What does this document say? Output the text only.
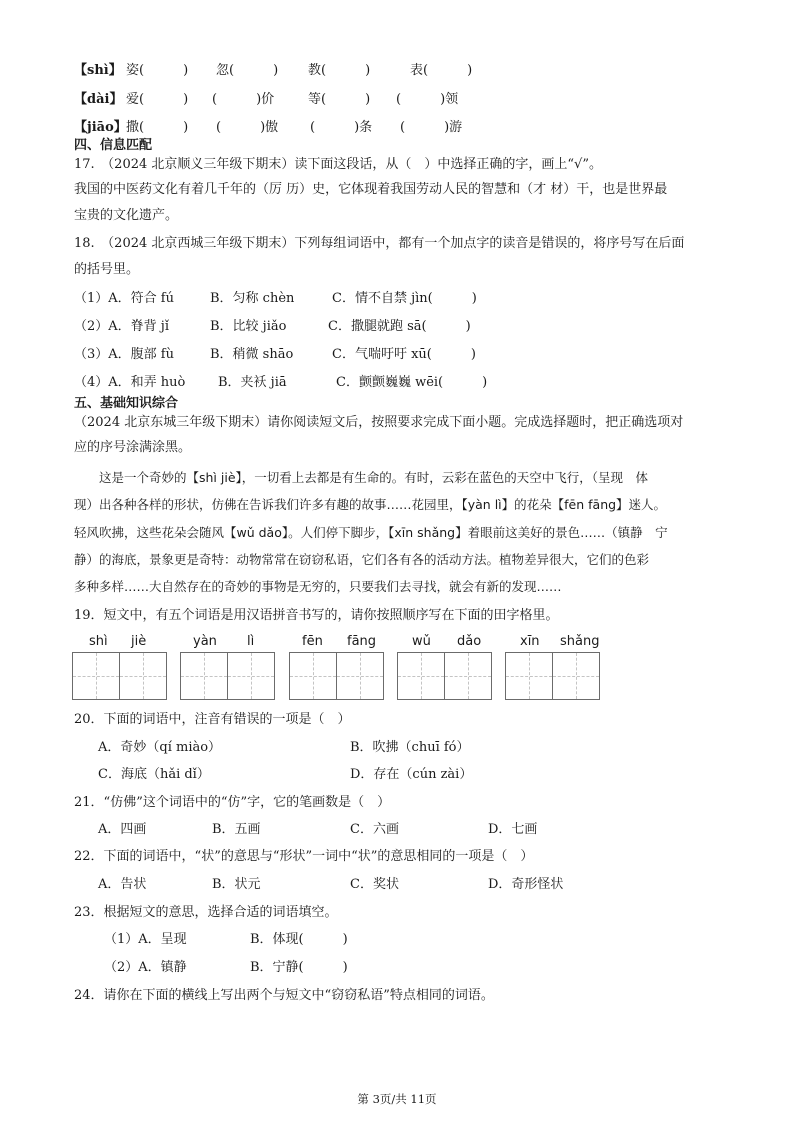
【shì】 姿(　　　) 忽(　　　) 教(　　　)	表(　　　)
【dài】 爱(　　　) (　　　)价	等(　　　) (　　　)领
【jiāo】 撒(　　　) (　　　)傲 (　　　)条 (　　　)游
四、信息匹配
17.　（2024 北京顺义三年级下期末）读下面这段话，从（　）中选择正确的字，画上“√”。
我国的中医药文化有着几千年的（厉 历）史，它体现着我国劳动人民的智慧和（才 材）干，也是世界最
宝贵的文化遗产。
18.　（2024 北京西城三年级下期末）下列每组词语中，都有一个加点字的读音是错误的，将序号写在后面
的括号里。
（1）A．符合 fú	B．匀称 chèn	C．情不自禁 jìn(　　　)
（2）A．脊背 jǐ	B．比较 jiǎo	C．撒腿就跑 sā(　　　)
（3）A．腹部 fù	B．稍微 shāo	C．气喘吁吁 xū(　　　)
（4）A．和弄 huò	B．夹袄 jiā	C．颤颤巍巍 wēi(　　　)
五、基础知识综合
（2024 北京东城三年级下期末）请你阅读短文后，按照要求完成下面小题。完成选择题时，把正确选项对
应的序号涂满涂黑。
　　这是一个奇妙的【shì jiè】，一切看上去都是有生命的。有时，云彩在蓝色的天空中飞行，（呈现　体
现）出各种各样的形状，仿佛在告诉我们许多有趣的故事……花园里，【yàn lì】的花朵【fēn fāng】迷人。
轻风吹拂，这些花朵会随风【wǔ dǎo】。人们停下脚步，【xīn shǎng】着眼前这美好的景色……（镇静　宁
静）的海底，景象更是奇特：动物常常在窃窃私语，它们各有各的活动方法。植物差异很大，它们的色彩
多种多样……大自然存在的奇妙的事物是无穷的，只要我们去寻找，就会有新的发现……
19．短文中，有五个词语是用汉语拼音书写的，请你按照顺序写在下面的田字格里。
shì jiè	yàn lì	fēn fāng	wǔ dǎo	xīn shǎng
20．下面的词语中，注音有错误的一项是（　）
A．奇妙（qí miào）	B．吹拂（chuī fó）
C．海底（hǎi dǐ）	D．存在（cún zài）
21．“仿佛”这个词语中的“仿”字，它的笔画数是（　）
A．四画	B．五画	C．六画	D．七画
22．下面的词语中，“状”的意思与“形状”一词中“状”的意思相同的一项是（　）
A．告状	B．状元	C．奖状	D．奇形怪状
23．根据短文的意思，选择合适的词语填空。
（1）A．呈现	B．体现(　　　)
（2）A．镇静	B．宁静(　　　)
24．请你在下面的横线上写出两个与短文中“窃窃私语”特点相同的词语。
第 3页/共 11页
